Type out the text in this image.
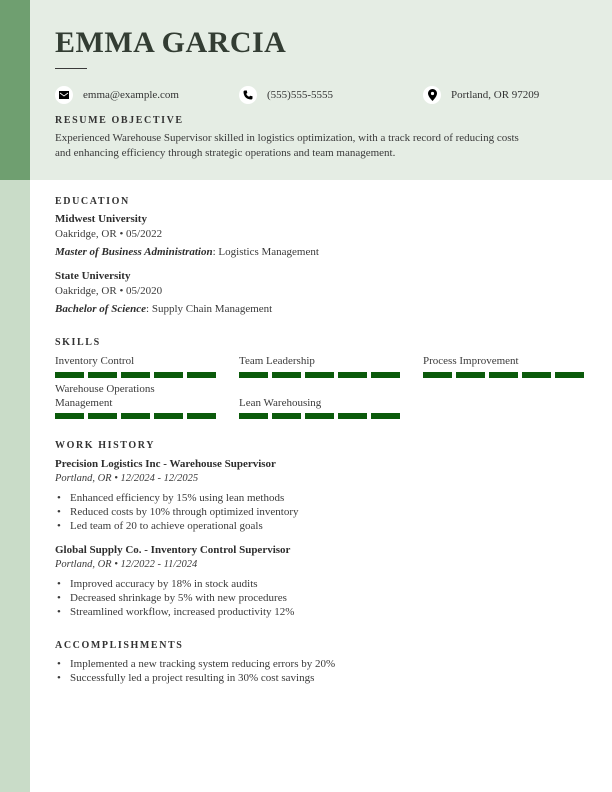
EMMA GARCIA
emma@example.com	(555)555-5555	Portland, OR 97209
RESUME OBJECTIVE
Experienced Warehouse Supervisor skilled in logistics optimization, with a track record of reducing costs
and enhancing efficiency through strategic operations and team management.
EDUCATION
Midwest University
Oakridge, OR • 05/2022
Master of Business Administration: Logistics Management
State University
Oakridge, OR • 05/2020
Bachelor of Science: Supply Chain Management
SKILLS
Inventory Control	Team Leadership	Process Improvement
Warehouse Operations
Management	Lean Warehousing
WORK HISTORY
Precision Logistics Inc - Warehouse Supervisor
Portland, OR • 12/2024 - 12/2025
• Enhanced efficiency by 15% using lean methods
• Reduced costs by 10% through optimized inventory
• Led team of 20 to achieve operational goals
Global Supply Co. - Inventory Control Supervisor
Portland, OR • 12/2022 - 11/2024
• Improved accuracy by 18% in stock audits
• Decreased shrinkage by 5% with new procedures
• Streamlined workflow, increased productivity 12%
ACCOMPLISHMENTS
• Implemented a new tracking system reducing errors by 20%
• Successfully led a project resulting in 30% cost savings
